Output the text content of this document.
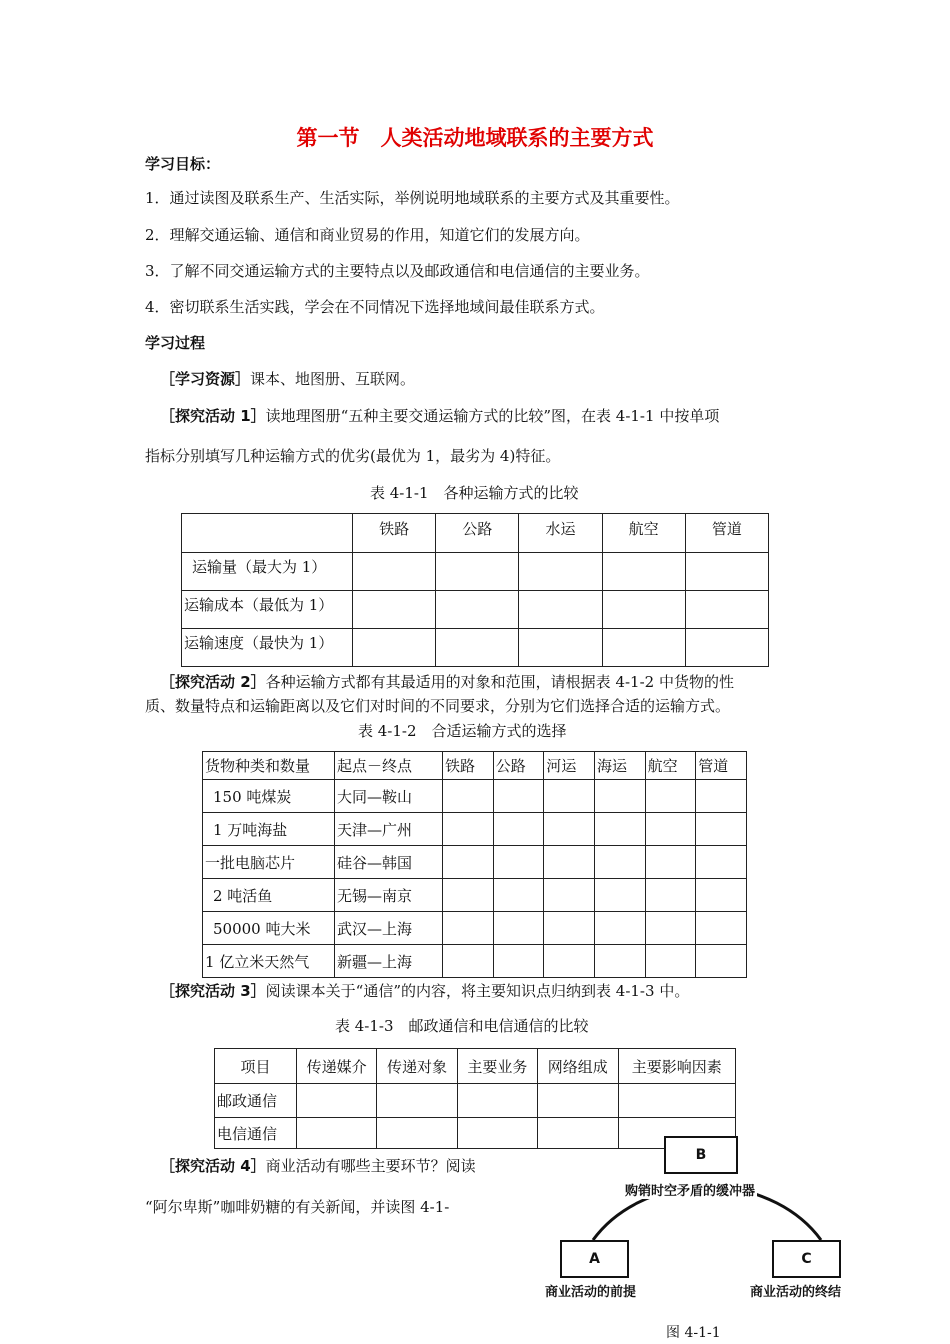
第一节　人类活动地域联系的主要方式
学习目标：
1．通过读图及联系生产、生活实际，举例说明地域联系的主要方式及其重要性。
2．理解交通运输、通信和商业贸易的作用，知道它们的发展方向。
3．了解不同交通运输方式的主要特点以及邮政通信和电信通信的主要业务。
4．密切联系生活实践，学会在不同情况下选择地域间最佳联系方式。
学习过程
［学习资源］课本、地图册、互联网。
［探究活动 1］读地理图册“五种主要交通运输方式的比较”图，在表 4-1-1 中按单项
指标分别填写几种运输方式的优劣(最优为 1，最劣为 4)特征。
表 4-1-1　各种运输方式的比较
	铁路	公路	水运	航空	管道
运输量（最大为 1）					
运输成本（最低为 1）					
运输速度（最快为 1）					
［探究活动 2］各种运输方式都有其最适用的对象和范围，请根据表 4-1-2 中货物的性
质、数量特点和运输距离以及它们对时间的不同要求，分别为它们选择合适的运输方式。
表 4-1-2　合适运输方式的选择
货物种类和数量	起点－终点	铁路	公路	河运	海运	航空	管道
150 吨煤炭	大同—鞍山						
1 万吨海盐	天津—广州						
一批电脑芯片	硅谷—韩国						
2 吨活鱼	无锡—南京						
50000 吨大米	武汉—上海						
1 亿立米天然气	新疆—上海						
［探究活动 3］阅读课本关于“通信”的内容，将主要知识点归纳到表 4-1-3 中。
表 4-1-3　邮政通信和电信通信的比较
项目	传递媒介	传递对象	主要业务	网络组成	主要影响因素
邮政通信					
电信通信					
［探究活动 4］商业活动有哪些主要环节？阅读
“阿尔卑斯”咖啡奶糖的有关新闻，并读图 4-1-
B
购销时空矛盾的缓冲器
A
商业活动的前提
C
商业活动的终结
图 4-1-1
